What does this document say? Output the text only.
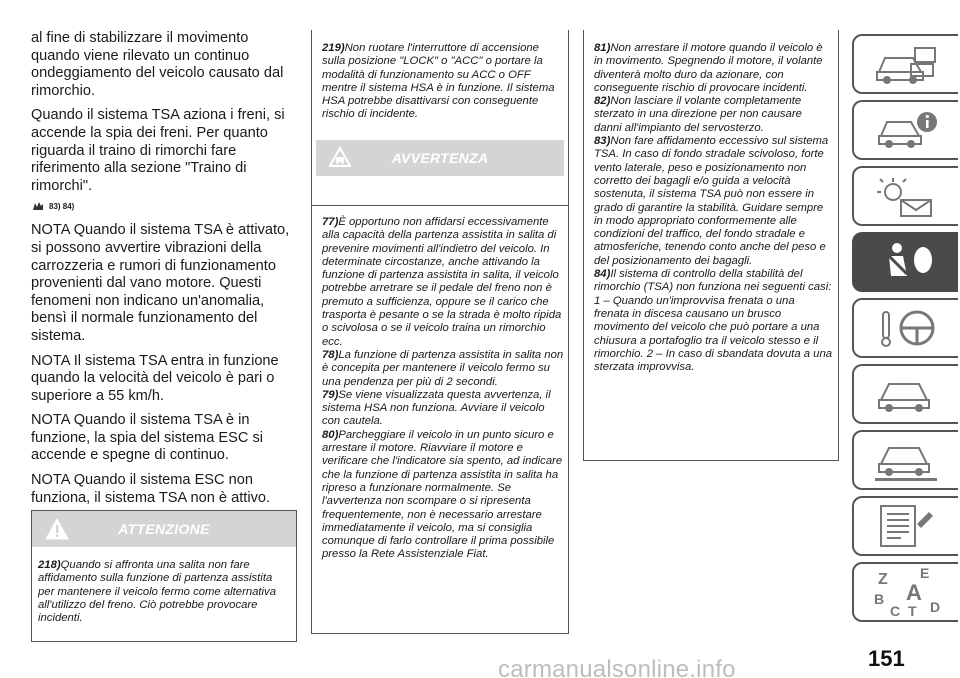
al fine di stabilizzare il movimento quando viene rilevato un continuo ondeggiamento del veicolo causato dal rimorchio.

Quando il sistema TSA aziona i freni, si accende la spia dei freni. Per quanto riguarda il traino di rimorchi fare riferimento alla sezione "Traino di rimorchi".

83) 84)

NOTA Quando il sistema TSA è attivato, si possono avvertire vibrazioni della carrozzeria e rumori di funzionamento provenienti dal vano motore. Questi fenomeni non indicano un'anomalia, bensì il normale funzionamento del sistema.

NOTA Il sistema TSA entra in funzione quando la velocità del veicolo è pari o superiore a 55 km/h.

NOTA Quando il sistema TSA è in funzione, la spia del sistema ESC si accende e spegne di continuo.

NOTA Quando il sistema ESC non funziona, il sistema TSA non è attivo.

ATTENZIONE

218)Quando si affronta una salita non fare affidamento sulla funzione di partenza assistita per mantenere il veicolo fermo come alternativa all'utilizzo del freno. Ciò potrebbe provocare incidenti.

219)Non ruotare l'interruttore di accensione sulla posizione "LOCK" o "ACC" o portare la modalità di funzionamento su ACC o OFF mentre il sistema HSA è in funzione. Il sistema HSA potrebbe disattivarsi con conseguente rischio di incidente.
AVVERTENZA

77)È opportuno non affidarsi eccessivamente alla capacità della partenza assistita in salita di prevenire movimenti all'indietro del veicolo. In determinate circostanze, anche attivando la funzione di partenza assistita in salita, il veicolo potrebbe arretrare se il pedale del freno non è premuto a sufficienza, oppure se il carico che trasporta è pesante o se la strada è molto ripida o scivolosa o se il veicolo traina un rimorchio ecc.

78)La funzione di partenza assistita in salita non è concepita per mantenere il veicolo fermo su una pendenza per più di 2 secondi.

79)Se viene visualizzata questa avvertenza, il sistema HSA non funziona. Avviare il veicolo con cautela.

80)Parcheggiare il veicolo in un punto sicuro e arrestare il motore. Riavviare il motore e verificare che l'indicatore sia spento, ad indicare che la funzione di partenza assistita in salita ha ripreso a funzionare normalmente. Se l'avvertenza non scompare o si ripresenta frequentemente, non è necessario arrestare immediatamente il veicolo, ma si consiglia comunque di farlo controllare il prima possibile presso la Rete Assistenziale Fiat.

81)Non arrestare il motore quando il veicolo è in movimento. Spegnendo il motore, il volante diventerà molto duro da azionare, con conseguente rischio di provocare incidenti.

82)Non lasciare il volante completamente sterzato in una direzione per non causare danni all'impianto del servosterzo.

83)Non fare affidamento eccessivo sul sistema TSA. In caso di fondo stradale scivoloso, forte vento laterale, peso e posizionamento non corretto dei bagagli e/o guida a velocità sostenuta, il sistema TSA può non essere in grado di garantire la stabilità. Guidare sempre in modo appropriato conformemente alle condizioni del traffico, del fondo stradale e atmosferiche, tenendo conto anche del peso e del posizionamento dei bagagli.

84)Il sistema di controllo della stabilità del rimorchio (TSA) non funziona nei seguenti casi: 1 – Quando un'improvvisa frenata o una frenata in discesa causano un brusco movimento del veicolo che può portare a una chiusura a portafoglio tra il veicolo stesso e il rimorchio. 2 – In caso di sbandata dovuta a una sterzata improvvisa.

Z E
B A
C T D
151
carmanualsonline.info
